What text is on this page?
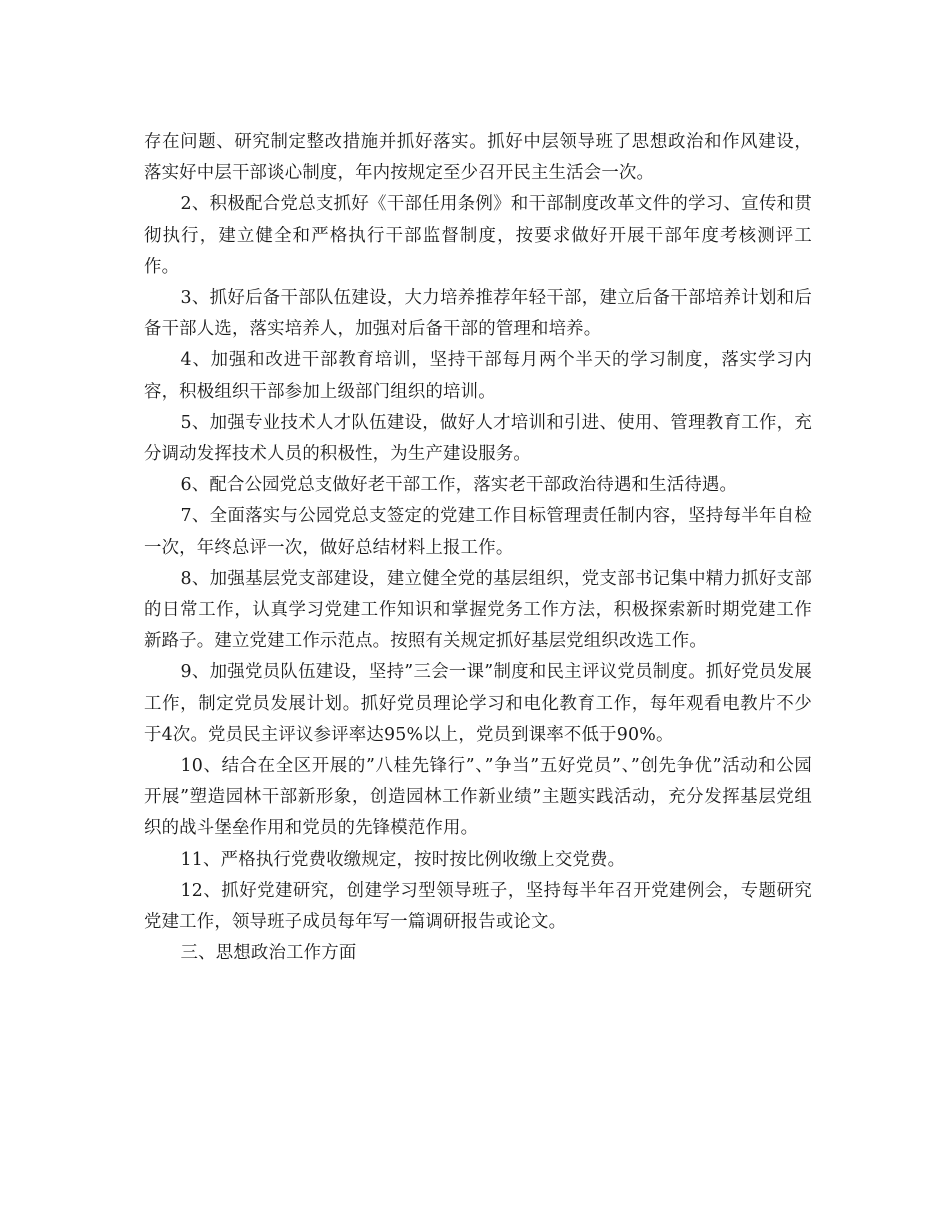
存在问题、研究制定整改措施并抓好落实。抓好中层领导班了思想政治和作风建设，落实好中层干部谈心制度，年内按规定至少召开民主生活会一次。

2、积极配合党总支抓好《干部任用条例》和干部制度改革文件的学习、宣传和贯彻执行，建立健全和严格执行干部监督制度，按要求做好开展干部年度考核测评工作。

3、抓好后备干部队伍建设，大力培养推荐年轻干部，建立后备干部培养计划和后备干部人选，落实培养人，加强对后备干部的管理和培养。

4、加强和改进干部教育培训，坚持干部每月两个半天的学习制度，落实学习内容，积极组织干部参加上级部门组织的培训。

5、加强专业技术人才队伍建设，做好人才培训和引进、使用、管理教育工作，充分调动发挥技术人员的积极性，为生产建设服务。

6、配合公园党总支做好老干部工作，落实老干部政治待遇和生活待遇。

7、全面落实与公园党总支签定的党建工作目标管理责任制内容，坚持每半年自检一次，年终总评一次，做好总结材料上报工作。

8、加强基层党支部建设，建立健全党的基层组织，党支部书记集中精力抓好支部的日常工作，认真学习党建工作知识和掌握党务工作方法，积极探索新时期党建工作新路子。建立党建工作示范点。按照有关规定抓好基层党组织改选工作。

9、加强党员队伍建设，坚持”三会一课”制度和民主评议党员制度。抓好党员发展工作，制定党员发展计划。抓好党员理论学习和电化教育工作，每年观看电教片不少于4次。党员民主评议参评率达95%以上，党员到课率不低于90%。

10、结合在全区开展的”八桂先锋行”、”争当”五好党员”、”创先争优”活动和公园开展”塑造园林干部新形象，创造园林工作新业绩”主题实践活动，充分发挥基层党组织的战斗堡垒作用和党员的先锋模范作用。

11、严格执行党费收缴规定，按时按比例收缴上交党费。

12、抓好党建研究，创建学习型领导班子，坚持每半年召开党建例会，专题研究党建工作，领导班子成员每年写一篇调研报告或论文。

三、思想政治工作方面
